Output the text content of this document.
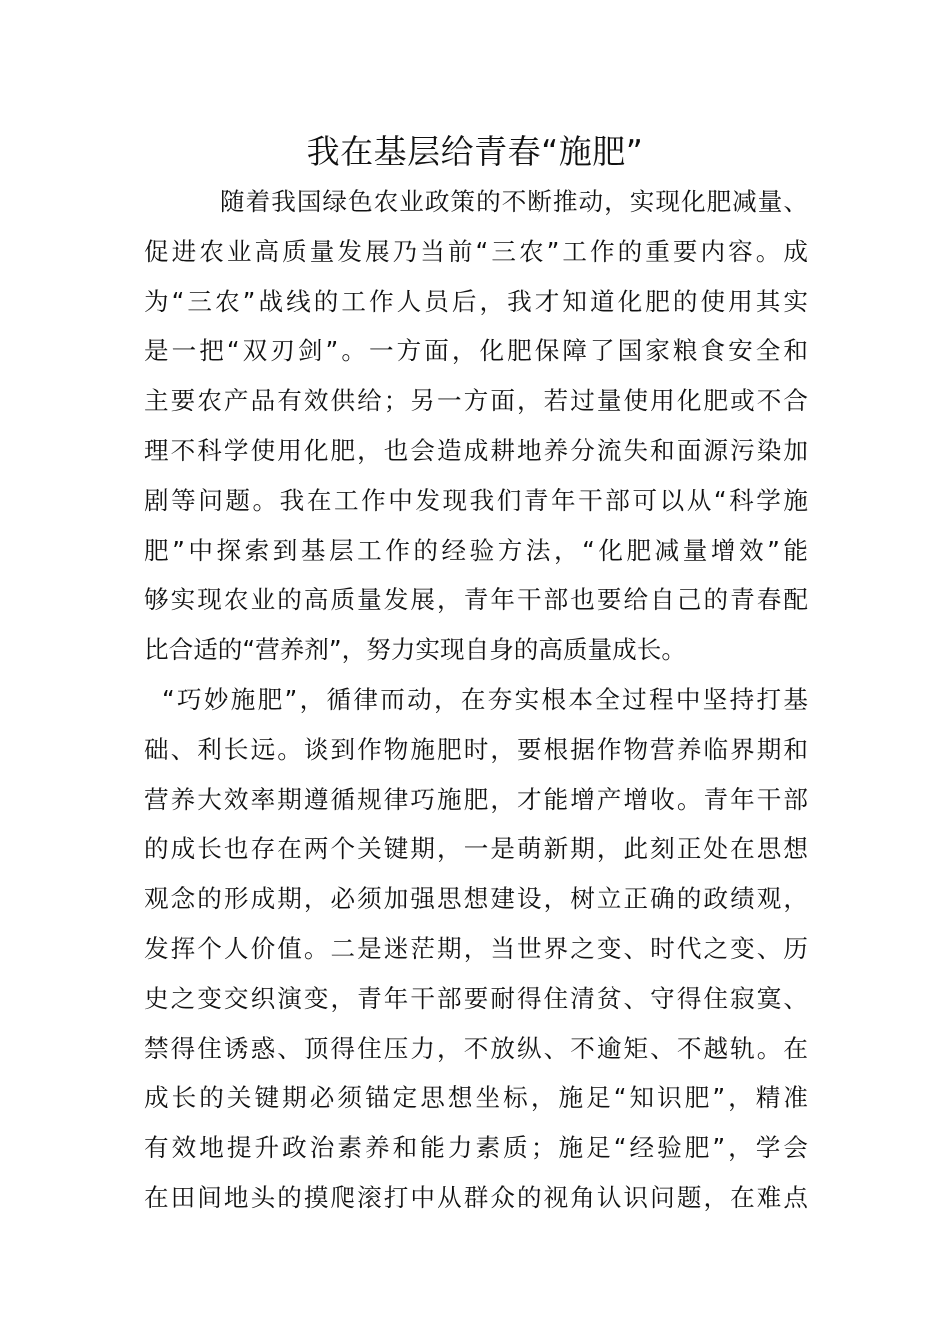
我在基层给青春“施肥”
随着我国绿色农业政策的不断推动，实现化肥减量、
促进农业高质量发展乃当前“三农”工作的重要内容。成
为“三农”战线的工作人员后，我才知道化肥的使用其实
是一把“双刃剑”。一方面，化肥保障了国家粮食安全和
主要农产品有效供给；另一方面，若过量使用化肥或不合
理不科学使用化肥，也会造成耕地养分流失和面源污染加
剧等问题。我在工作中发现我们青年干部可以从“科学施
肥”中探索到基层工作的经验方法，“化肥减量增效”能
够实现农业的高质量发展，青年干部也要给自己的青春配
比合适的“营养剂”，努力实现自身的高质量成长。
“巧妙施肥”，循律而动，在夯实根本全过程中坚持打基
础、利长远。谈到作物施肥时，要根据作物营养临界期和
营养大效率期遵循规律巧施肥，才能增产增收。青年干部
的成长也存在两个关键期，一是萌新期，此刻正处在思想
观念的形成期，必须加强思想建设，树立正确的政绩观，
发挥个人价值。二是迷茫期，当世界之变、时代之变、历
史之变交织演变，青年干部要耐得住清贫、守得住寂寞、
禁得住诱惑、顶得住压力，不放纵、不逾矩、不越轨。在
成长的关键期必须锚定思想坐标，施足“知识肥”，精准
有效地提升政治素养和能力素质；施足“经验肥”，学会
在田间地头的摸爬滚打中从群众的视角认识问题，在难点
